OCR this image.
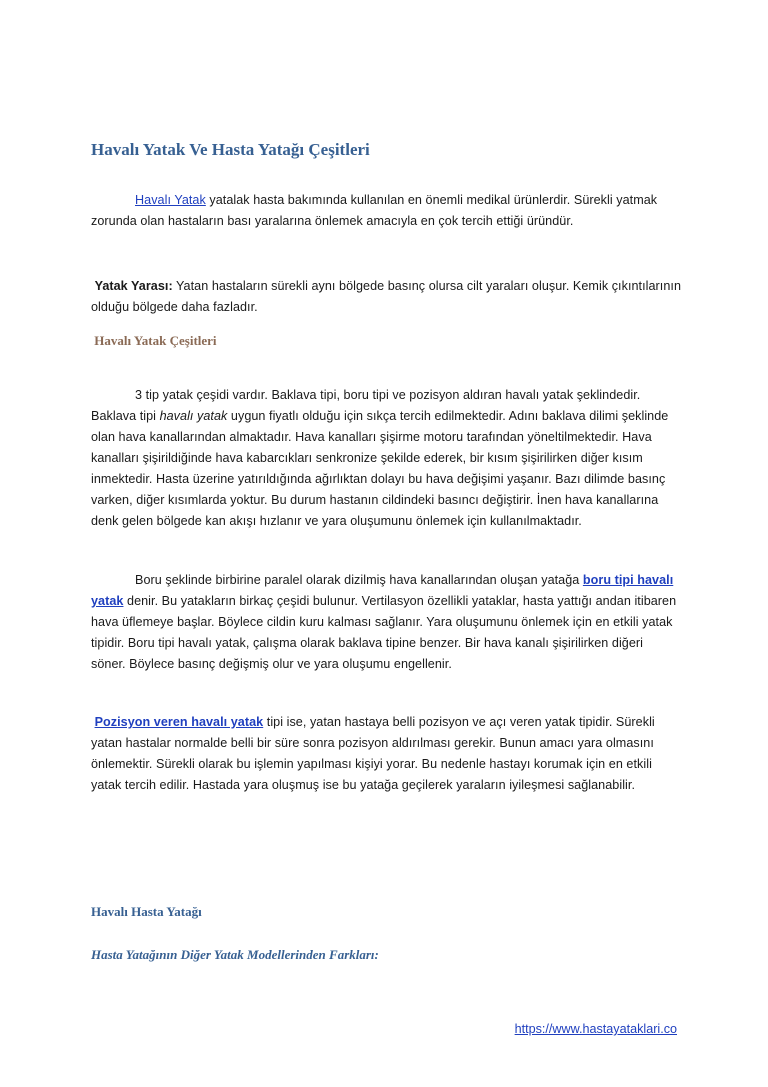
Havalı Yatak Ve Hasta Yatağı Çeşitleri
Havalı Yatak yatalak hasta bakımında kullanılan en önemli medikal ürünlerdir. Sürekli yatmak zorunda olan hastaların bası yaralarına önlemek amacıyla en çok tercih ettiği üründür.
Yatak Yarası: Yatan hastaların sürekli aynı bölgede basınç olursa cilt yaraları oluşur. Kemik çıkıntılarının olduğu bölgede daha fazladır.
Havalı Yatak Çeşitleri
3 tip yatak çeşidi vardır. Baklava tipi, boru tipi ve pozisyon aldıran havalı yatak şeklindedir. Baklava tipi havalı yatak uygun fiyatlı olduğu için sıkça tercih edilmektedir. Adını baklava dilimi şeklinde olan hava kanallarından almaktadır. Hava kanalları şişirme motoru tarafından yöneltilmektedir. Hava kanalları şişirildiğinde hava kabarcıkları senkronize şekilde ederek, bir kısım şişirilirken diğer kısım inmektedir. Hasta üzerine yatırıldığında ağırlıktan dolayı bu hava değişimi yaşanır. Bazı dilimde basınç varken, diğer kısımlarda yoktur. Bu durum hastanın cildindeki basıncı değiştirir. İnen hava kanallarına denk gelen bölgede kan akışı hızlanır ve yara oluşumunu önlemek için kullanılmaktadır.
Boru şeklinde birbirine paralel olarak dizilmiş hava kanallarından oluşan yatağa boru tipi havalı yatak denir. Bu yatakların birkaç çeşidi bulunur. Vertilasyon özellikli yataklar, hasta yattığı andan itibaren hava üflemeye başlar. Böylece cildin kuru kalması sağlanır. Yara oluşumunu önlemek için en etkili yatak tipidir. Boru tipi havalı yatak, çalışma olarak baklava tipine benzer. Bir hava kanalı şişirilirken diğeri söner. Böylece basınç değişmiş olur ve yara oluşumu engellenir.
Pozisyon veren havalı yatak tipi ise, yatan hastaya belli pozisyon ve açı veren yatak tipidir. Sürekli yatan hastalar normalde belli bir süre sonra pozisyon aldırılması gerekir. Bunun amacı yara olmasını önlemektir. Sürekli olarak bu işlemin yapılması kişiyi yorar. Bu nedenle hastayı korumak için en etkili yatak tercih edilir. Hastada yara oluşmuş ise bu yatağa geçilerek yaraların iyileşmesi sağlanabilir.
Havalı Hasta Yatağı
Hasta Yatağının Diğer Yatak Modellerinden Farkları:
https://www.hastayataklari.co
